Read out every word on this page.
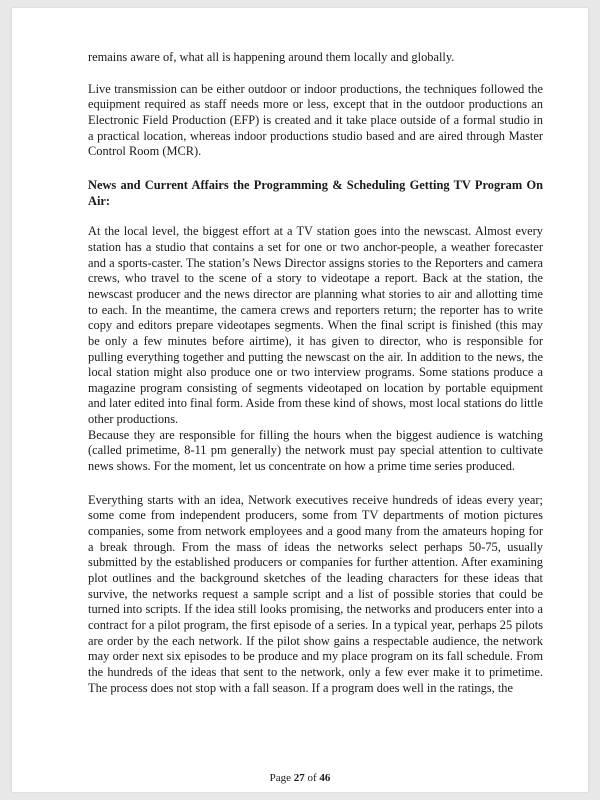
remains aware of, what all is happening around them locally and globally.

Live transmission can be either outdoor or indoor productions, the techniques followed the equipment required as staff needs more or less, except that in the outdoor productions an Electronic Field Production (EFP) is created and it take place outside of a formal studio in a practical location, whereas indoor productions studio based and are aired through Master Control Room (MCR).

News and Current Affairs the Programming & Scheduling Getting TV Program On Air:

At the local level, the biggest effort at a TV station goes into the newscast. Almost every station has a studio that contains a set for one or two anchor-people, a weather forecaster and a sports-caster. The station’s News Director assigns stories to the Reporters and camera crews, who travel to the scene of a story to videotape a report. Back at the station, the newscast producer and the news director are planning what stories to air and allotting time to each. In the meantime, the camera crews and reporters return; the reporter has to write copy and editors prepare videotapes segments. When the final script is finished (this may be only a few minutes before airtime), it has given to director, who is responsible for pulling everything together and putting the newscast on the air. In addition to the news, the local station might also produce one or two interview programs. Some stations produce a magazine program consisting of segments videotaped on location by portable equipment and later edited into final form. Aside from these kind of shows, most local stations do little other productions.

Because they are responsible for filling the hours when the biggest audience is watching (called primetime, 8-11 pm generally) the network must pay special attention to cultivate news shows. For the moment, let us concentrate on how a prime time series produced.

Everything starts with an idea, Network executives receive hundreds of ideas every year; some come from independent producers, some from TV departments of motion pictures companies, some from network employees and a good many from the amateurs hoping for a break through. From the mass of ideas the networks select perhaps 50-75, usually submitted by the established producers or companies for further attention. After examining plot outlines and the background sketches of the leading characters for these ideas that survive, the networks request a sample script and a list of possible stories that could be turned into scripts. If the idea still looks promising, the networks and producers enter into a contract for a pilot program, the first episode of a series. In a typical year, perhaps 25 pilots are order by the each network. If the pilot show gains a respectable audience, the network may order next six episodes to be produce and my place program on its fall schedule. From the hundreds of the ideas that sent to the network, only a few ever make it to primetime. The process does not stop with a fall season. If a program does well in the ratings, the

Page 27 of 46
